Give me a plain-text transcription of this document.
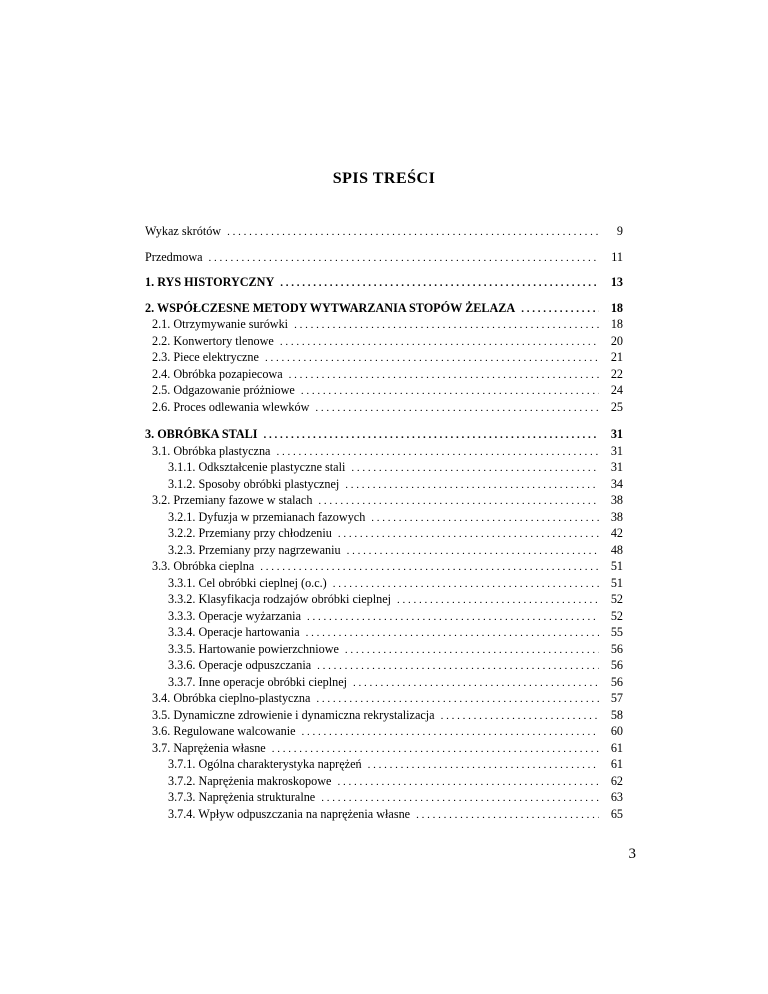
SPIS TREŚCI
Wykaz skrótów . . .	9
Przedmowa . . .	11
1. RYS HISTORYCZNY . . .	13
2. WSPÓŁCZESNE METODY WYTWARZANIA STOPÓW ŻELAZA . . .	18
2.1. Otrzymywanie surówki . . .	18
2.2. Konwertory tlenowe . . .	20
2.3. Piece elektryczne . . .	21
2.4. Obróbka pozapiecowa . . .	22
2.5. Odgazowanie próżniowe . . .	24
2.6. Proces odlewania wlewków . . .	25
3. OBRÓBKA STALI . . .	31
3.1. Obróbka plastyczna . . .	31
3.1.1. Odkształcenie plastyczne stali . . .	31
3.1.2. Sposoby obróbki plastycznej . . .	34
3.2. Przemiany fazowe w stalach . . .	38
3.2.1. Dyfuzja w przemianach fazowych . . .	38
3.2.2. Przemiany przy chłodzeniu . . .	42
3.2.3. Przemiany przy nagrzewaniu . . .	48
3.3. Obróbka cieplna . . .	51
3.3.1. Cel obróbki cieplnej (o.c.) . . .	51
3.3.2. Klasyfikacja rodzajów obróbki cieplnej . . .	52
3.3.3. Operacje wyżarzania . . .	52
3.3.4. Operacje hartowania . . .	55
3.3.5. Hartowanie powierzchniowe . . .	56
3.3.6. Operacje odpuszczania . . .	56
3.3.7. Inne operacje obróbki cieplnej . . .	56
3.4. Obróbka cieplno-plastyczna . . .	57
3.5. Dynamiczne zdrowienie i dynamiczna rekrystalizacja . . .	58
3.6. Regulowane walcowanie . . .	60
3.7. Naprężenia własne . . .	61
3.7.1. Ogólna charakterystyka naprężeń . . .	61
3.7.2. Naprężenia makroskopowe . . .	62
3.7.3. Naprężenia strukturalne . . .	63
3.7.4. Wpływ odpuszczania na naprężenia własne . . .	65
3
